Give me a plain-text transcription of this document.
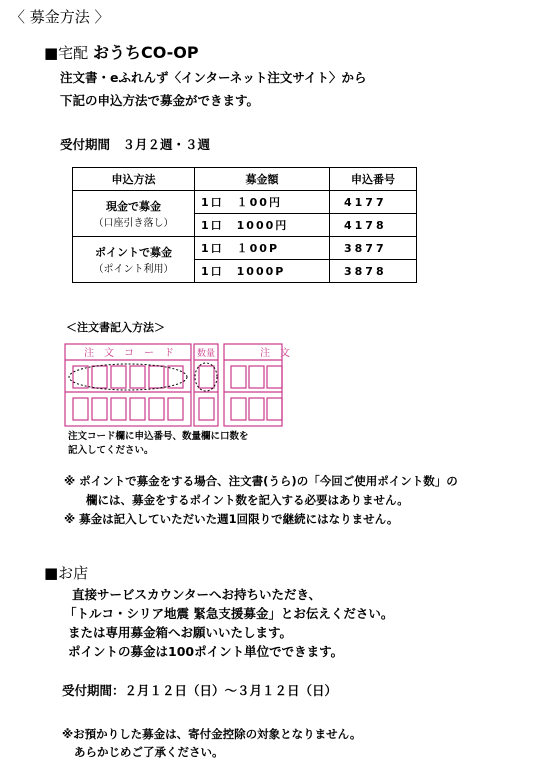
〈 募金方法 〉
■宅配 おうちCO-OP
注文書・eふれんず〈インターネット注文サイト〉から
下記の申込方法で募金ができます。
受付期間　３月２週・３週
申込方法	募金額	申込番号

現金で募金
（口座引き落し）	1口　１00円	4177
	1口　1000円	4178

ポイントで募金
（ポイント利用）	1口　１00P	3877
	1口　1000P	3878
＜注文書記入方法＞
注文コード 数量	注文
注文コード欄に申込番号、数量欄に口数を
記入してください。
※ ポイントで募金をする場合、注文書(うら)の「今回ご使用ポイント数」の
欄には、募金をするポイント数を記入する必要はありません。
※ 募金は記入していただいた週1回限りで継続にはなりません。
■お店
直接サービスカウンターへお持ちいただき、
「トルコ・シリア地震 緊急支援募金」とお伝えください。
または専用募金箱へお願いいたします。
ポイントの募金は100ポイント単位でできます。
受付期間：２月１２日（日）～３月１２日（日）
※お預かりした募金は、寄付金控除の対象となりません。
あらかじめご了承ください。
